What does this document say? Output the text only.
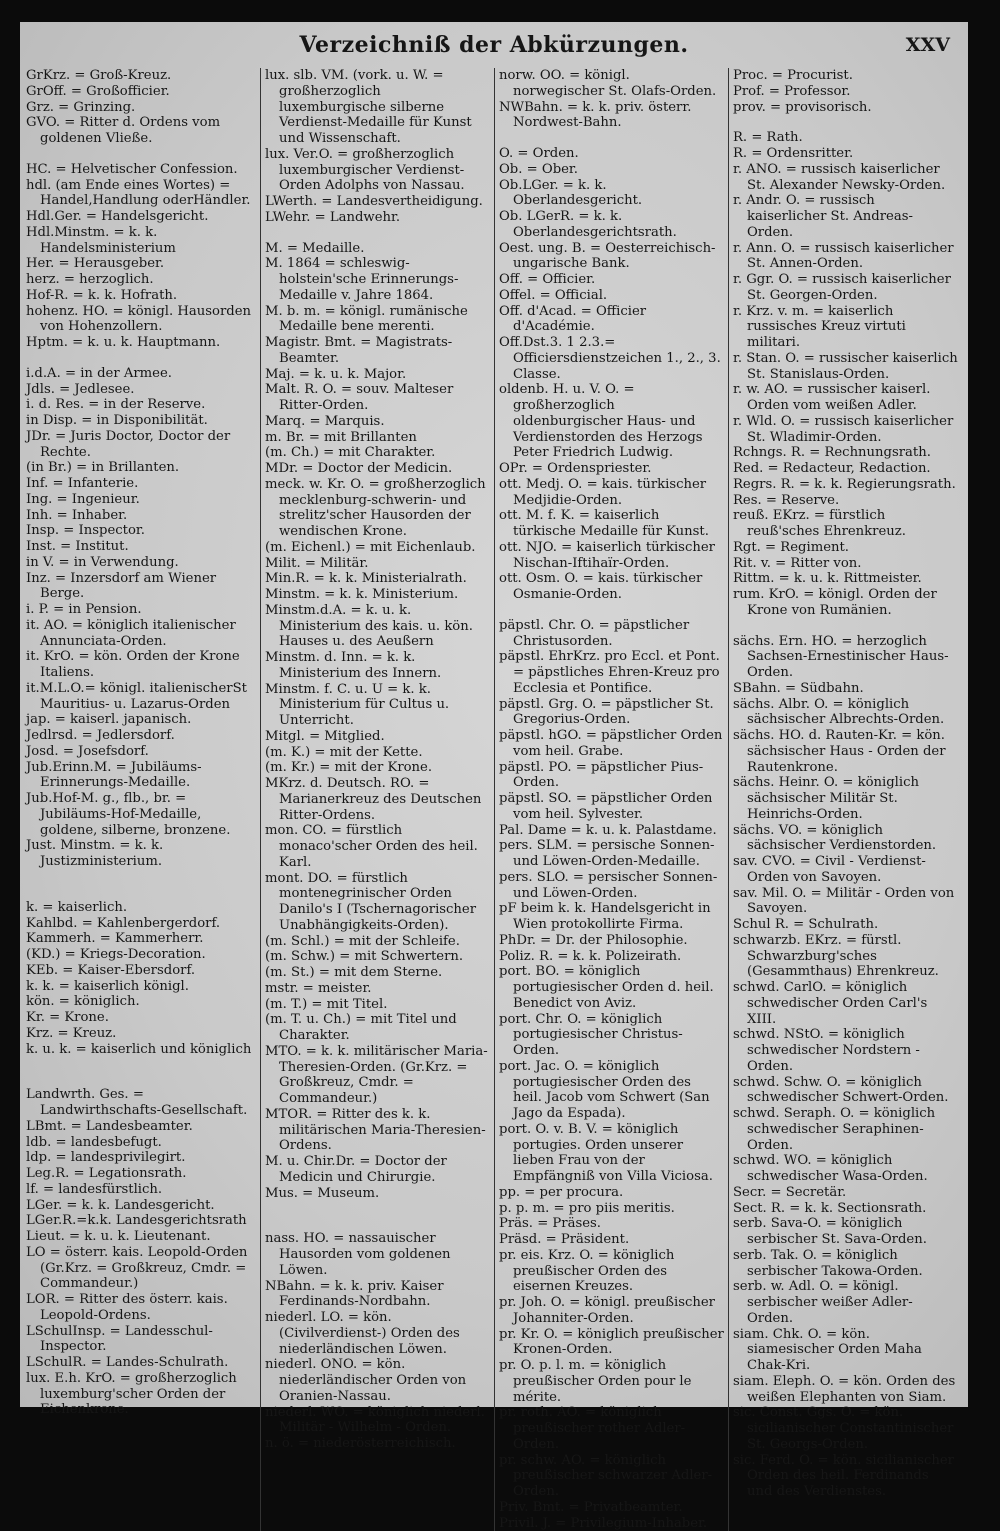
Verzeichniß der Abkürzungen.	XXV
GrKrz. = Groß-Kreuz.
GrOff. = Großofficier.
Grz. = Grinzing.
GVO. = Ritter d. Ordens vom goldenen Vließe.
HC. = Helvetischer Confession.
hdl. (am Ende eines Wortes) = Handel,Handlung oderHändler.
Hdl.Ger. = Handelsgericht.
Hdl.Minstm. = k. k. Handelsministerium
Her. = Herausgeber.
herz. = herzoglich.
Hof-R. = k. k. Hofrath.
hohenz. HO. = königl. Hausorden von Hohenzollern.
Hptm. = k. u. k. Hauptmann.
i.d.A. = in der Armee.
Jdls. = Jedlesee.
i. d. Res. = in der Reserve.
in Disp. = in Disponibilität.
JDr. = Juris Doctor, Doctor der Rechte.
(in Br.) = in Brillanten.
Inf. = Infanterie.
Ing. = Ingenieur.
Inh. = Inhaber.
Insp. = Inspector.
Inst. = Institut.
in V. = in Verwendung.
Inz. = Inzersdorf am Wiener Berge.
i. P. = in Pension.
it. AO. = königlich italienischer Annunciata-Orden.
it. KrO. = kön. Orden der Krone Italiens.
it.M.L.O.= königl. italienischerSt Mauritius- u. Lazarus-Orden
jap. = kaiserl. japanisch.
Jedlrsd. = Jedlersdorf.
Josd. = Josefsdorf.
Jub.Erinn.M. = Jubiläums-Erinnerungs-Medaille.
Jub.Hof-M. g., flb., br. = Jubiläums-Hof-Medaille, goldene, silberne, bronzene.
Just. Minstm. = k. k. Justizministerium.
k. = kaiserlich.
Kahlbd. = Kahlenbergerdorf.
Kammerh. = Kammerherr.
(KD.) = Kriegs-Decoration.
KEb. = Kaiser-Ebersdorf.
k. k. = kaiserlich königl.
kön. = königlich.
Kr. = Krone.
Krz. = Kreuz.
k. u. k. = kaiserlich und königlich
Landwrth. Ges. = Landwirthschafts-Gesellschaft.
LBmt. = Landesbeamter.
ldb. = landesbefugt.
ldp. = landesprivilegirt.
Leg.R. = Legationsrath.
lf. = landesfürstlich.
LGer. = k. k. Landesgericht.
LGer.R.=k.k. Landesgerichtsrath
Lieut. = k. u. k. Lieutenant.
LO = österr. kais. Leopold-Orden (Gr.Krz. = Großkreuz, Cmdr. = Commandeur.)
LOR. = Ritter des österr. kais. Leopold-Ordens.
LSchulInsp. = Landesschul-Inspector.
LSchulR. = Landes-Schulrath.
lux. E.h. KrO. = großherzoglich luxemburg'scher Orden der Eichenkrone.
lux. slb. VM. (vork. u. W. = großherzoglich luxemburgische silberne Verdienst-Medaille für Kunst und Wissenschaft.
lux. Ver.O. = großherzoglich luxemburgischer Verdienst-Orden Adolphs von Nassau.
LWerth. = Landesvertheidigung.
LWehr. = Landwehr.
M. = Medaille.
M. 1864 = schleswig-holstein'sche Erinnerungs-Medaille v. Jahre 1864.
M. b. m. = königl. rumänische Medaille bene merenti.
Magistr. Bmt. = Magistrats-Beamter.
Maj. = k. u. k. Major.
Malt. R. O. = souv. Malteser Ritter-Orden.
Marq. = Marquis.
m. Br. = mit Brillanten
(m. Ch.) = mit Charakter.
MDr. = Doctor der Medicin.
meck. w. Kr. O. = großherzoglich mecklenburg-schwerin- und strelitz'scher Hausorden der wendischen Krone.
(m. Eichenl.) = mit Eichenlaub.
Milit. = Militär.
Min.R. = k. k. Ministerialrath.
Minstm. = k. k. Ministerium.
Minstm.d.A. = k. u. k. Ministerium des kais. u. kön. Hauses u. des Aeußern
Minstm. d. Inn. = k. k. Ministerium des Innern.
Minstm. f. C. u. U = k. k. Ministerium für Cultus u. Unterricht.
Mitgl. = Mitglied.
(m. K.) = mit der Kette.
(m. Kr.) = mit der Krone.
MKrz. d. Deutsch. RO. = Marianerkreuz des Deutschen Ritter-Ordens.
mon. CO. = fürstlich monaco'scher Orden des heil. Karl.
mont. DO. = fürstlich montenegrinischer Orden Danilo's I (Tschernagorischer Unabhängigkeits-Orden).
(m. Schl.) = mit der Schleife.
(m. Schw.) = mit Schwertern.
(m. St.) = mit dem Sterne.
mstr. = meister.
(m. T.) = mit Titel.
(m. T. u. Ch.) = mit Titel und Charakter.
MTO. = k. k. militärischer Maria-Theresien-Orden. (Gr.Krz. = Großkreuz, Cmdr. = Commandeur.)
MTOR. = Ritter des k. k. militärischen Maria-Theresien-Ordens.
M. u. Chir.Dr. = Doctor der Medicin und Chirurgie.
Mus. = Museum.
nass. HO. = nassauischer Hausorden vom goldenen Löwen.
NBahn. = k. k. priv. Kaiser Ferdinands-Nordbahn.
niederl. LO. = kön. (Civilverdienst-) Orden des niederländischen Löwen.
niederl. ONO. = kön. niederländischer Orden von Oranien-Nassau.
niederl. WO. = königlich niederl. Militär - Wilhelm - Orden.
n. ö. = niederösterreichisch.
norw. OO. = königl. norwegischer St. Olafs-Orden.
NWBahn. = k. k. priv. österr. Nordwest-Bahn.
O. = Orden.
Ob. = Ober.
Ob.LGer. = k. k. Oberlandesgericht.
Ob. LGerR. = k. k. Oberlandesgerichtsrath.
Oest. ung. B. = Oesterreichisch-ungarische Bank.
Off. = Officier.
Offel. = Official.
Off. d'Acad. = Officier d'Académie.
Off.Dst.3. 1 2.3.= Officiersdienstzeichen 1., 2., 3. Classe.
oldenb. H. u. V. O. = großherzoglich oldenburgischer Haus- und Verdienstorden des Herzogs Peter Friedrich Ludwig.
OPr. = Ordenspriester.
ott. Medj. O. = kais. türkischer Medjidie-Orden.
ott. M. f. K. = kaiserlich türkische Medaille für Kunst.
ott. NJO. = kaiserlich türkischer Nischan-Iftihaïr-Orden.
ott. Osm. O. = kais. türkischer Osmanie-Orden.
päpstl. Chr. O. = päpstlicher Christusorden.
päpstl. EhrKrz. pro Eccl. et Pont. = päpstliches Ehren-Kreuz pro Ecclesia et Pontifice.
päpstl. Grg. O. = päpstlicher St. Gregorius-Orden.
päpstl. hGO. = päpstlicher Orden vom heil. Grabe.
päpstl. PO. = päpstlicher Pius-Orden.
päpstl. SO. = päpstlicher Orden vom heil. Sylvester.
Pal. Dame = k. u. k. Palastdame.
pers. SLM. = persische Sonnen- und Löwen-Orden-Medaille.
pers. SLO. = persischer Sonnen- und Löwen-Orden.
pF beim k. k. Handelsgericht in Wien protokollirte Firma.
PhDr. = Dr. der Philosophie.
Poliz. R. = k. k. Polizeirath.
port. BO. = königlich portugiesischer Orden d. heil. Benedict von Aviz.
port. Chr. O. = königlich portugiesischer Christus-Orden.
port. Jac. O. = königlich portugiesischer Orden des heil. Jacob vom Schwert (San Jago da Espada).
port. O. v. B. V. = königlich portugies. Orden unserer lieben Frau von der Empfängniß von Villa Viciosa.
pp. = per procura.
p. p. m. = pro piis meritis.
Präs. = Präses.
Präsd. = Präsident.
pr. eis. Krz. O. = königlich preußischer Orden des eisernen Kreuzes.
pr. Joh. O. = königl. preußischer Johanniter-Orden.
pr. Kr. O. = königlich preußischer Kronen-Orden.
pr. O. p. l. m. = königlich preußischer Orden pour le mérite.
pr. roth. AO. = königlich preußischer rother Adler-Orden.
pr. schw. AO. = königlich preußischer schwarzer Adler-Orden.
Priv. Bmt. = Privatbeamter.
Privil. J. = Privilegium-Inhaber.
Proc. = Procurist.
Prof. = Professor.
prov. = provisorisch.
R. = Rath.
R. = Ordensritter.
r. ANO. = russisch kaiserlicher St. Alexander Newsky-Orden.
r. Andr. O. = russisch kaiserlicher St. Andreas-Orden.
r. Ann. O. = russisch kaiserlicher St. Annen-Orden.
r. Ggr. O. = russisch kaiserlicher St. Georgen-Orden.
r. Krz. v. m. = kaiserlich russisches Kreuz virtuti militari.
r. Stan. O. = russischer kaiserlich St. Stanislaus-Orden.
r. w. AO. = russischer kaiserl. Orden vom weißen Adler.
r. Wld. O. = russisch kaiserlicher St. Wladimir-Orden.
Rchngs. R. = Rechnungsrath.
Red. = Redacteur, Redaction.
Regrs. R. = k. k. Regierungsrath.
Res. = Reserve.
reuß. EKrz. = fürstlich reuß'sches Ehrenkreuz.
Rgt. = Regiment.
Rit. v. = Ritter von.
Rittm. = k. u. k. Rittmeister.
rum. KrO. = königl. Orden der Krone von Rumänien.
sächs. Ern. HO. = herzoglich Sachsen-Ernestinischer Haus-Orden.
SBahn. = Südbahn.
sächs. Albr. O. = königlich sächsischer Albrechts-Orden.
sächs. HO. d. Rauten-Kr. = kön. sächsischer Haus - Orden der Rautenkrone.
sächs. Heinr. O. = königlich sächsischer Militär St. Heinrichs-Orden.
sächs. VO. = königlich sächsischer Verdienstorden.
sav. CVO. = Civil - Verdienst-Orden von Savoyen.
sav. Mil. O. = Militär - Orden von Savoyen.
Schul R. = Schulrath.
schwarzb. EKrz. = fürstl. Schwarzburg'sches (Gesammthaus) Ehrenkreuz.
schwd. CarlO. = königlich schwedischer Orden Carl's XIII.
schwd. NStO. = königlich schwedischer Nordstern - Orden.
schwd. Schw. O. = königlich schwedischer Schwert-Orden.
schwd. Seraph. O. = königlich schwedischer Seraphinen-Orden.
schwd. WO. = königlich schwedischer Wasa-Orden.
Secr. = Secretär.
Sect. R. = k. k. Sectionsrath.
serb. Sava-O. = königlich serbischer St. Sava-Orden.
serb. Tak. O. = königlich serbischer Takowa-Orden.
serb. w. Adl. O. = königl. serbischer weißer Adler-Orden.
siam. Chk. O. = kön. siamesischer Orden Maha Chak-Kri.
siam. Eleph. O. = kön. Orden des weißen Elephanten von Siam.
sic. Const. Ggs. O. = kön. sicilianischer Constantinischer St. Georgs-Orden.
sic. Ferd. O. = kön. sicilianischer Orden des heil. Ferdinands und des Verdienstes.
